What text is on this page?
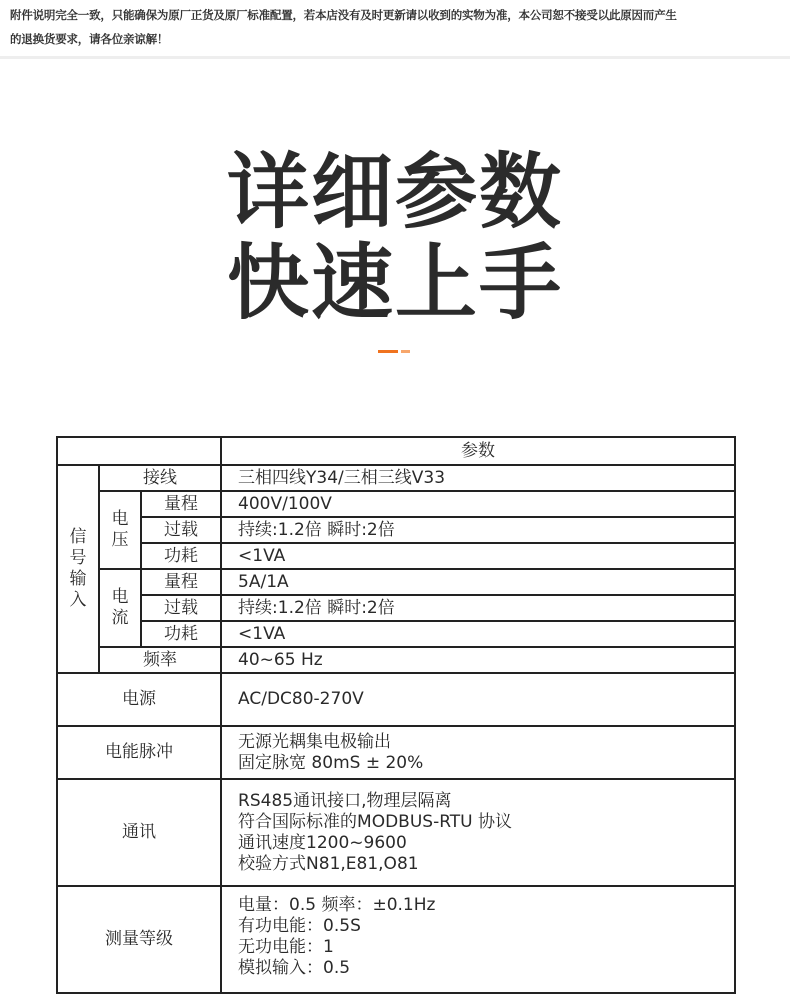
附件说明完全一致，只能确保为原厂正货及原厂标准配置，若本店没有及时更新请以收到的实物为准，本公司恕不接受以此原因而产生

的退换货要求，请各位亲谅解！

详细参数
快速上手
			参数
信号输入	接线		三相四线Y34/三相三线V33
	电压	量程	400V/100V
		过载	持续:1.2倍 瞬时:2倍
		功耗	<1VA
	电流	量程	5A/1A
		过载	持续:1.2倍 瞬时:2倍
		功耗	<1VA
	频率		40~65 Hz
电源			AC/DC80-270V
电能脉冲			无源光耦集电极输出
固定脉宽 80mS ± 20%

通讯			RS485通讯接口,物理层隔离
符合国际标准的MODBUS-RTU 协议
通讯速度1200~9600
校验方式N81,E81,O81

测量等级			电量：0.5 频率：±0.1Hz
有功电能：0.5S
无功电能：1
模拟输入：0.5
